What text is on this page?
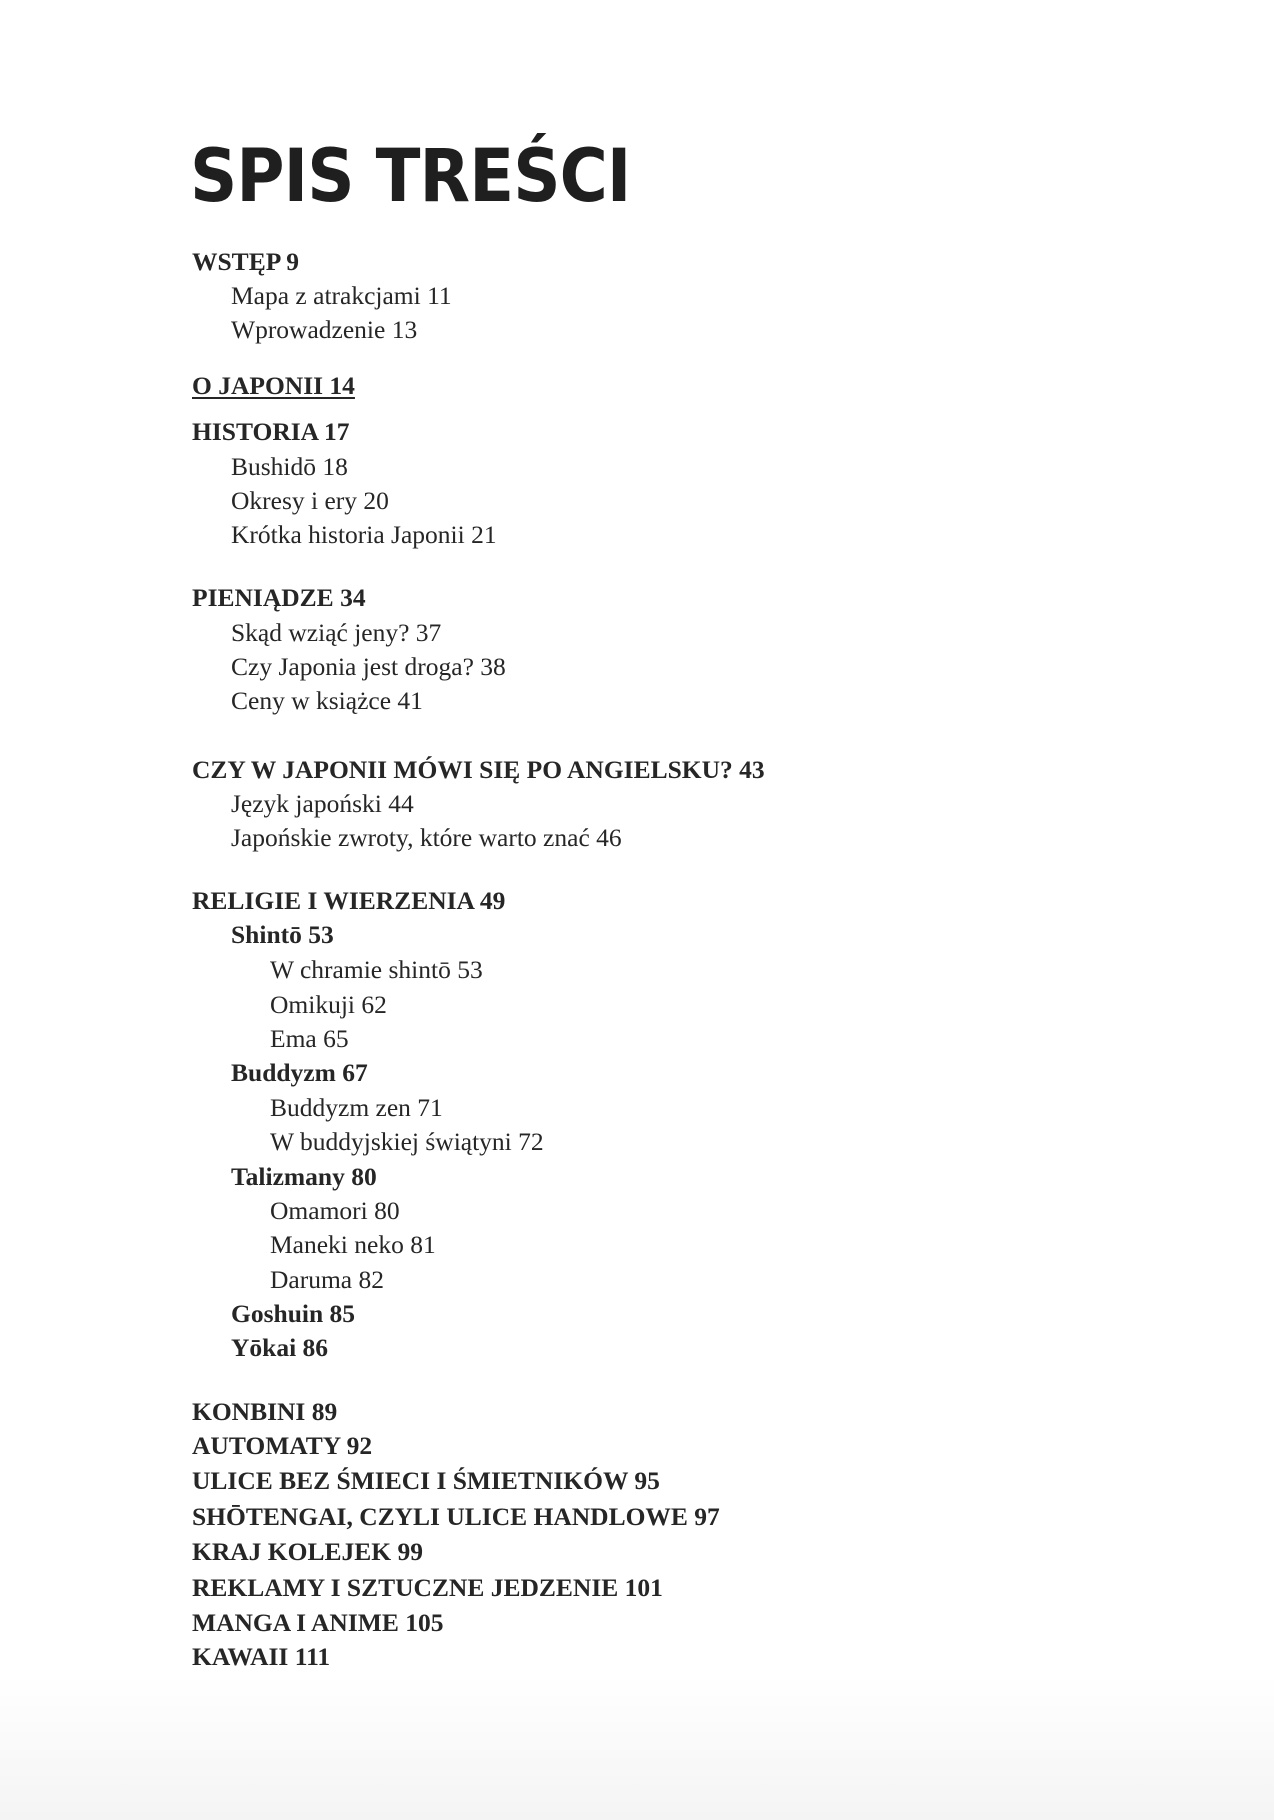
SPIS TREŚCI
WSTĘP 9
Mapa z atrakcjami 11
Wprowadzenie 13
O JAPONII 14
HISTORIA 17
Bushidō 18
Okresy i ery 20
Krótka historia Japonii 21
PIENIĄDZE 34
Skąd wziąć jeny? 37
Czy Japonia jest droga? 38
Ceny w książce 41
CZY W JAPONII MÓWI SIĘ PO ANGIELSKU? 43
Język japoński 44
Japońskie zwroty, które warto znać 46
RELIGIE I WIERZENIA 49
Shintō 53
W chramie shintō 53
Omikuji 62
Ema 65
Buddyzm 67
Buddyzm zen 71
W buddyjskiej świątyni 72
Talizmany 80
Omamori 80
Maneki neko 81
Daruma 82
Goshuin 85
Yōkai 86
KONBINI 89
AUTOMATY 92
ULICE BEZ ŚMIECI I ŚMIETNIKÓW 95
SHŌTENGAI, CZYLI ULICE HANDLOWE 97
KRAJ KOLEJEK 99
REKLAMY I SZTUCZNE JEDZENIE 101
MANGA I ANIME 105
KAWAII 111
